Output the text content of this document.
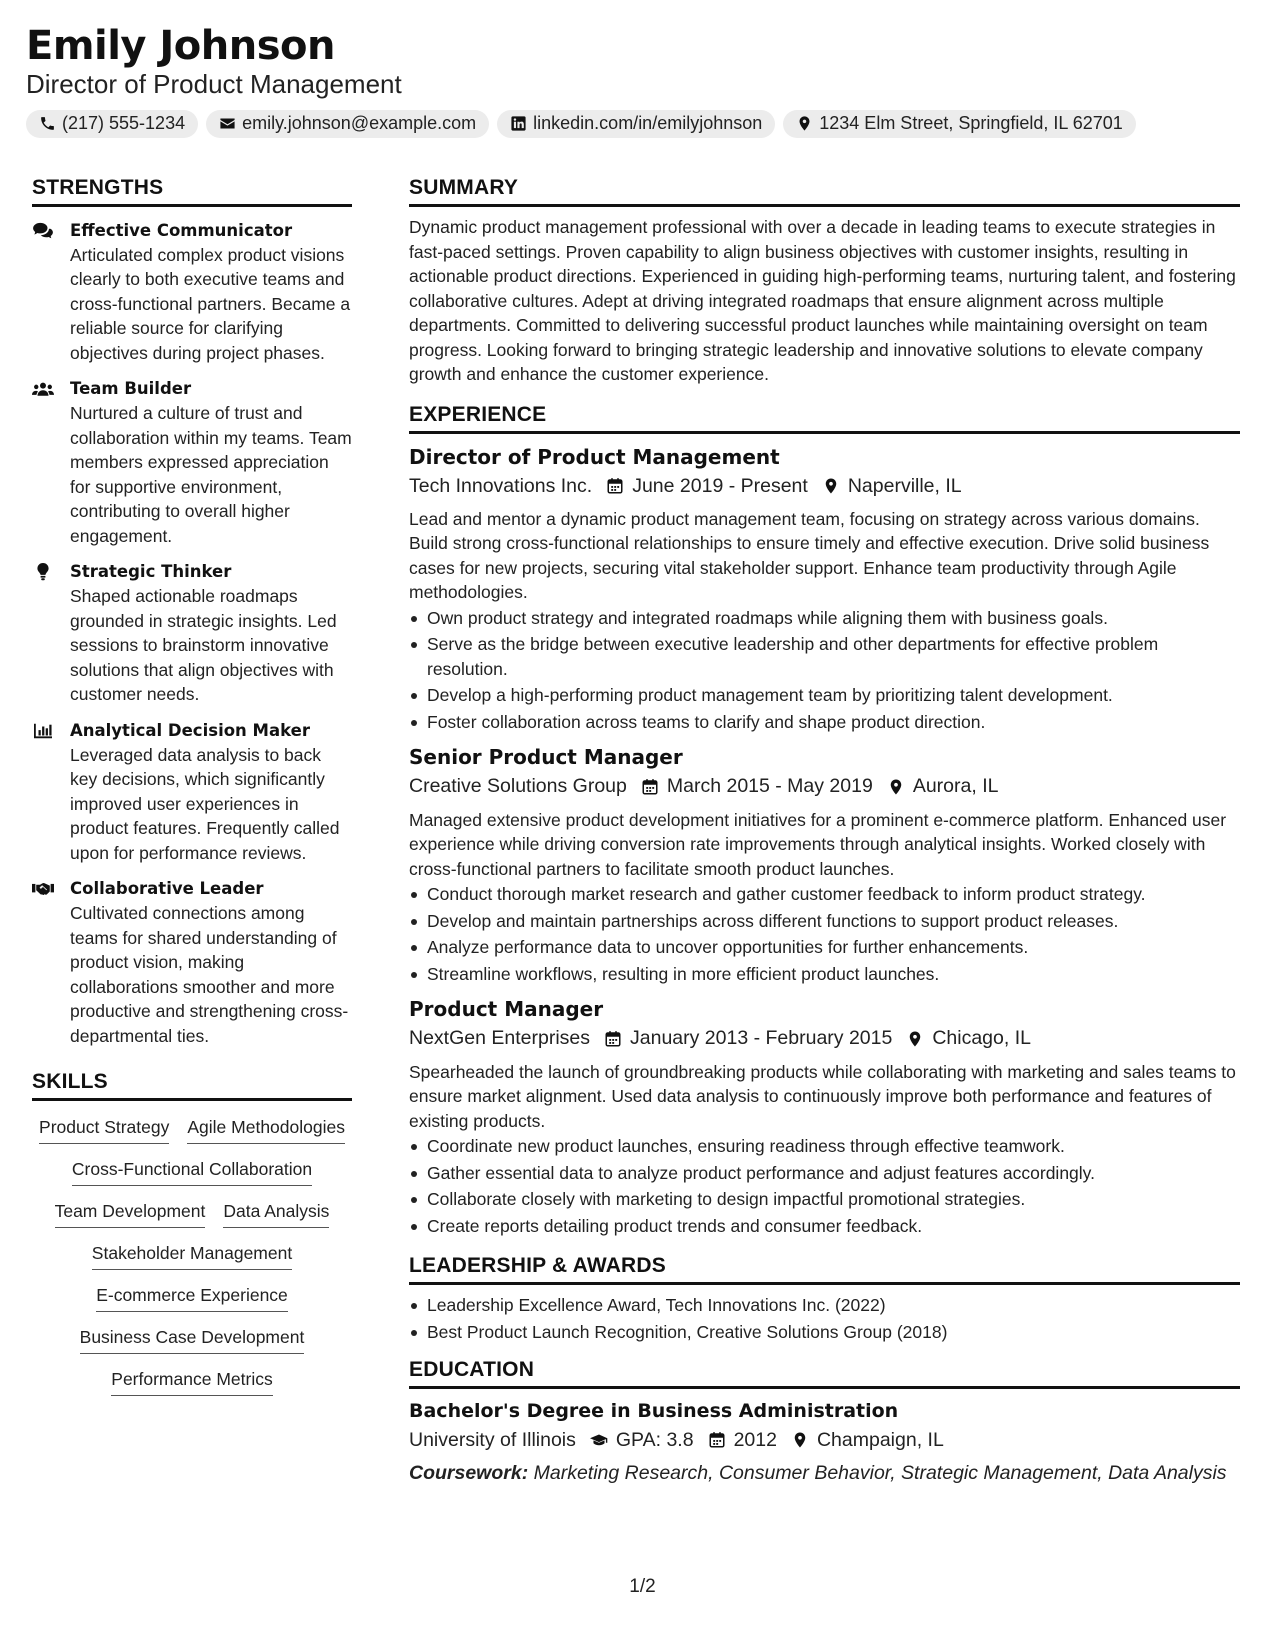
Emily Johnson
Director of Product Management
(217) 555-1234	emily.johnson@example.com	linkedin.com/in/emilyjohnson	1234 Elm Street, Springfield, IL 62701
STRENGTHS
Effective Communicator
Articulated complex product visions clearly to both executive teams and cross-functional partners. Became a reliable source for clarifying objectives during project phases.
Team Builder
Nurtured a culture of trust and collaboration within my teams. Team members expressed appreciation for supportive environment, contributing to overall higher engagement.
Strategic Thinker
Shaped actionable roadmaps grounded in strategic insights. Led sessions to brainstorm innovative solutions that align objectives with customer needs.
Analytical Decision Maker
Leveraged data analysis to back key decisions, which significantly improved user experiences in product features. Frequently called upon for performance reviews.
Collaborative Leader
Cultivated connections among teams for shared understanding of product vision, making collaborations smoother and more productive and strengthening cross-departmental ties.
SKILLS
Product Strategy Agile Methodologies
Cross-Functional Collaboration
Team Development Data Analysis
Stakeholder Management
E-commerce Experience
Business Case Development
Performance Metrics
SUMMARY
Dynamic product management professional with over a decade in leading teams to execute strategies in fast-paced settings. Proven capability to align business objectives with customer insights, resulting in actionable product directions. Experienced in guiding high-performing teams, nurturing talent, and fostering collaborative cultures. Adept at driving integrated roadmaps that ensure alignment across multiple departments. Committed to delivering successful product launches while maintaining oversight on team progress. Looking forward to bringing strategic leadership and innovative solutions to elevate company growth and enhance the customer experience.
EXPERIENCE
Director of Product Management
Tech Innovations Inc. June 2019 - Present Naperville, IL
Lead and mentor a dynamic product management team, focusing on strategy across various domains. Build strong cross-functional relationships to ensure timely and effective execution. Drive solid business cases for new projects, securing vital stakeholder support. Enhance team productivity through Agile methodologies.
Own product strategy and integrated roadmaps while aligning them with business goals.
Serve as the bridge between executive leadership and other departments for effective problem resolution.
Develop a high-performing product management team by prioritizing talent development.
Foster collaboration across teams to clarify and shape product direction.
Senior Product Manager
Creative Solutions Group March 2015 - May 2019 Aurora, IL
Managed extensive product development initiatives for a prominent e-commerce platform. Enhanced user experience while driving conversion rate improvements through analytical insights. Worked closely with cross-functional partners to facilitate smooth product launches.
Conduct thorough market research and gather customer feedback to inform product strategy.
Develop and maintain partnerships across different functions to support product releases.
Analyze performance data to uncover opportunities for further enhancements.
Streamline workflows, resulting in more efficient product launches.
Product Manager
NextGen Enterprises January 2013 - February 2015 Chicago, IL
Spearheaded the launch of groundbreaking products while collaborating with marketing and sales teams to ensure market alignment. Used data analysis to continuously improve both performance and features of existing products.
Coordinate new product launches, ensuring readiness through effective teamwork.
Gather essential data to analyze product performance and adjust features accordingly.
Collaborate closely with marketing to design impactful promotional strategies.
Create reports detailing product trends and consumer feedback.
LEADERSHIP & AWARDS
Leadership Excellence Award, Tech Innovations Inc. (2022)
Best Product Launch Recognition, Creative Solutions Group (2018)
EDUCATION
Bachelor's Degree in Business Administration
University of Illinois GPA: 3.8 2012 Champaign, IL
Coursework: Marketing Research, Consumer Behavior, Strategic Management, Data Analysis
1/2
